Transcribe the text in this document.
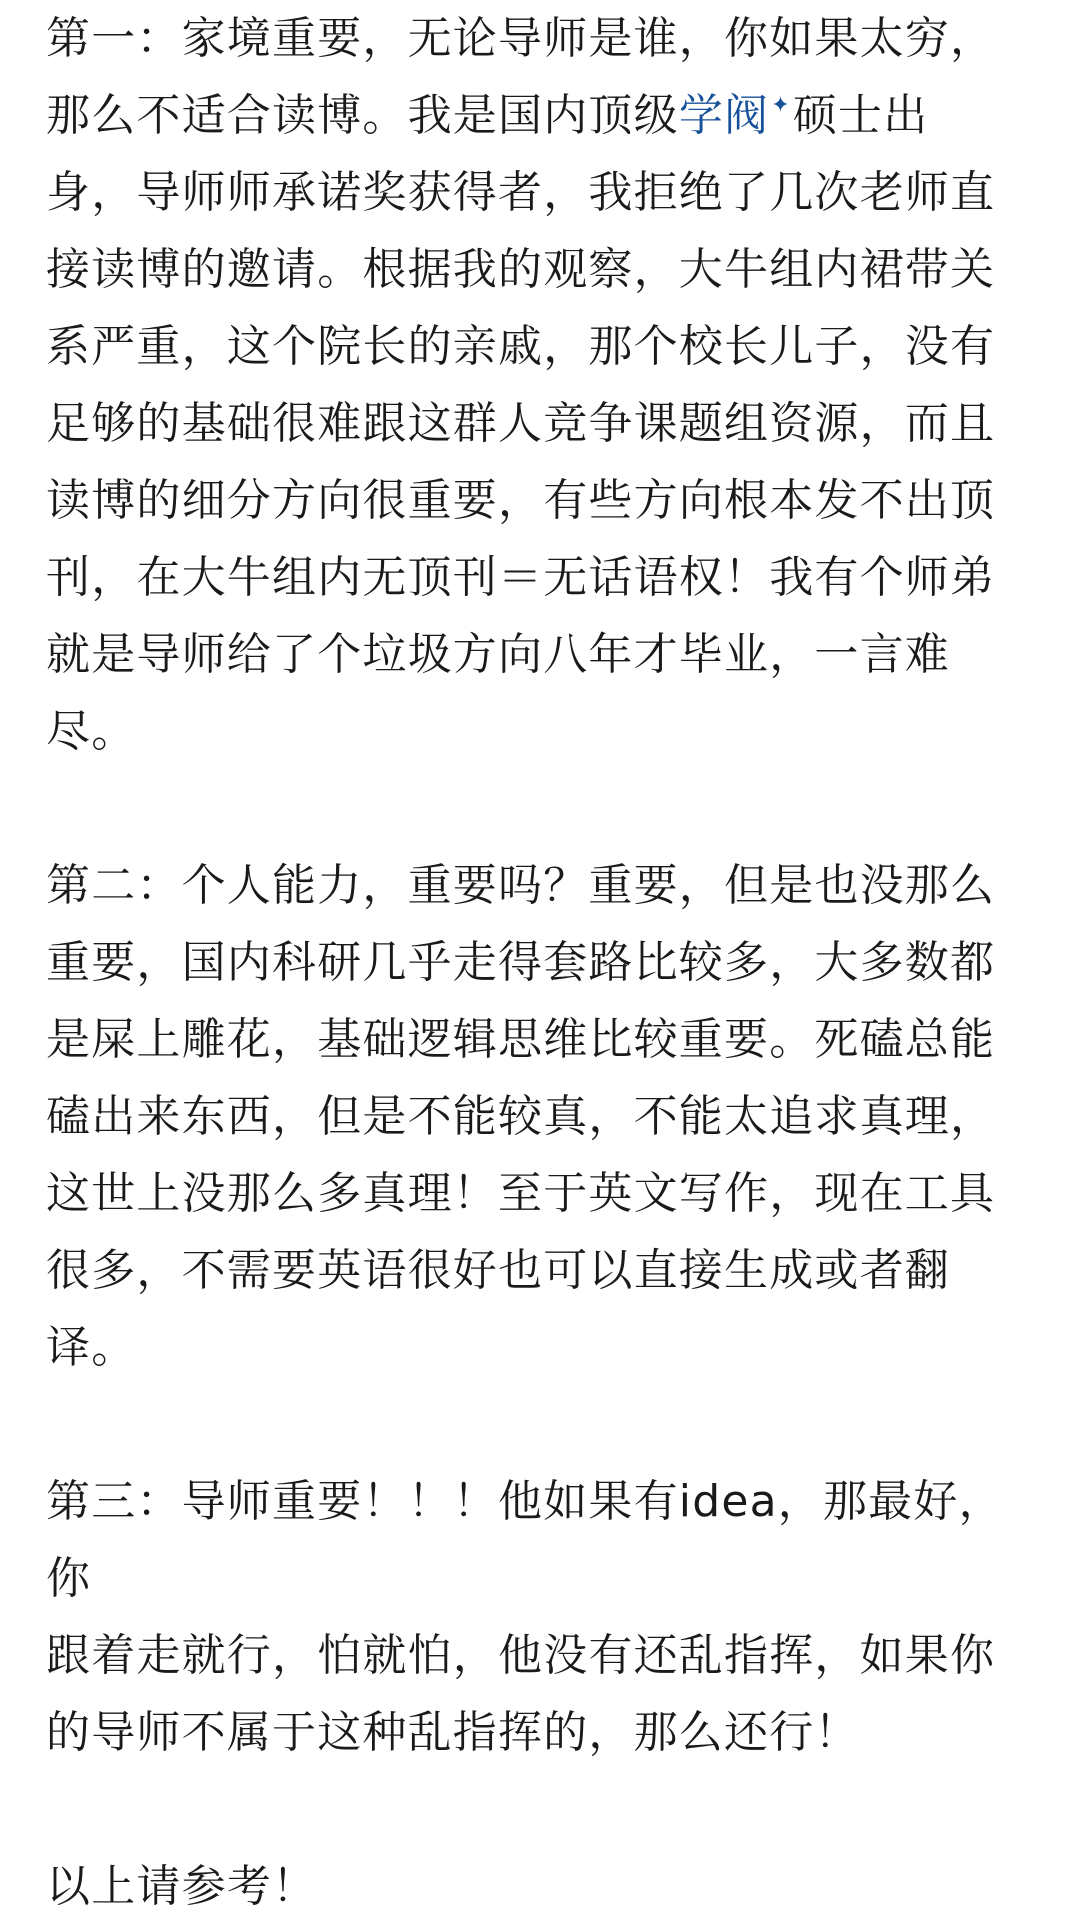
第一：家境重要，无论导师是谁，你如果太穷，

那么不适合读博。我是国内顶级学阀✦硕士出

身，导师师承诺奖获得者，我拒绝了几次老师直

接读博的邀请。根据我的观察，大牛组内裙带关

系严重，这个院长的亲戚，那个校长儿子，没有

足够的基础很难跟这群人竞争课题组资源，而且

读博的细分方向很重要，有些方向根本发不出顶

刊，在大牛组内无顶刊＝无话语权！我有个师弟

就是导师给了个垃圾方向八年才毕业，一言难

尽。

第二：个人能力，重要吗？重要，但是也没那么

重要，国内科研几乎走得套路比较多，大多数都

是屎上雕花，基础逻辑思维比较重要。死磕总能

磕出来东西，但是不能较真，不能太追求真理，

这世上没那么多真理！至于英文写作，现在工具

很多，不需要英语很好也可以直接生成或者翻

译。

第三：导师重要！！！他如果有idea，那最好，你

跟着走就行，怕就怕，他没有还乱指挥，如果你

的导师不属于这种乱指挥的，那么还行！

以上请参考！
